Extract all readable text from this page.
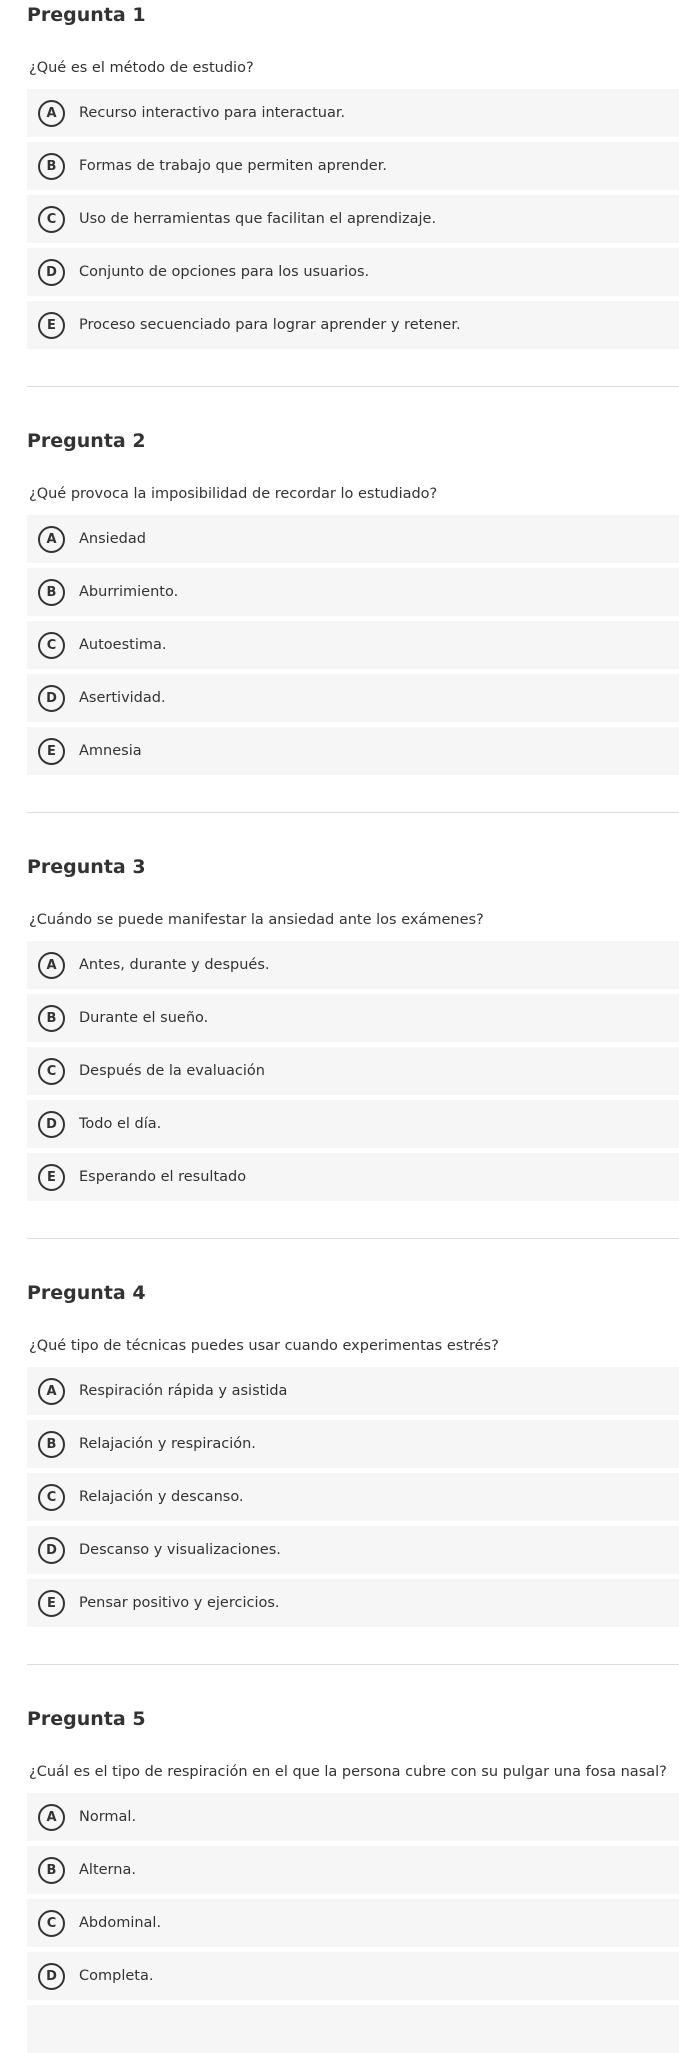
Pregunta 1

¿Qué es el método de estudio?

A	Recurso interactivo para interactuar.
B	Formas de trabajo que permiten aprender.
C	Uso de herramientas que facilitan el aprendizaje.
D	Conjunto de opciones para los usuarios.
E	Proceso secuenciado para lograr aprender y retener.
Pregunta 2

¿Qué provoca la imposibilidad de recordar lo estudiado?

A	Ansiedad
B	Aburrimiento.
C	Autoestima.
D	Asertividad.
E	Amnesia
Pregunta 3

¿Cuándo se puede manifestar la ansiedad ante los exámenes?

A	Antes, durante y después.
B	Durante el sueño.
C	Después de la evaluación
D	Todo el día.
E	Esperando el resultado
Pregunta 4

¿Qué tipo de técnicas puedes usar cuando experimentas estrés?

A	Respiración rápida y asistida
B	Relajación y respiración.
C	Relajación y descanso.
D	Descanso y visualizaciones.
E	Pensar positivo y ejercicios.
Pregunta 5

¿Cuál es el tipo de respiración en el que la persona cubre con su pulgar una fosa nasal?

A	Normal.
B	Alterna.
C	Abdominal.
D	Completa.
